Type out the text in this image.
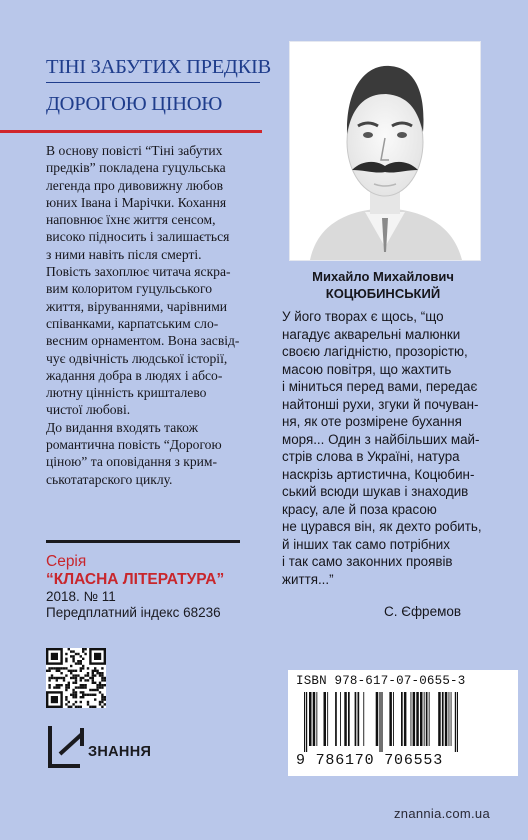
ТІНІ ЗАБУТИХ ПРЕДКІВ
ДОРОГОЮ ЦІНОЮ

В основу повісті “Тіні забутих

предків” покладена гуцульська

легенда про дивовижну любов

юних Івана і Марічки. Кохання

наповнює їхнє життя сенсом,

високо підносить і залишається

з ними навіть після смерті.

Повість захоплює читача яскра-

вим колоритом гуцульського

життя, віруваннями, чарівними

співанками, карпатським сло-

весним орнаментом. Вона засвід-

чує одвічність людської історії,

жадання добра в людях і абсо-

лютну цінність кришталево

чистої любові.

До видання входять також

романтична повість “Дорогою

ціною” та оповідання з крим-

ськотатарского циклу.

Серія
“КЛАСНА ЛІТЕРАТУРА”
2018. № 11
Передплатний індекс 68236
ЗНАННЯ
Михайло Михайлович
КОЦЮБИНСЬКИЙ
У його творах є щось, “що
нагадує акварельні малюнки
своєю лагідністю, прозорістю,
масою повітря, що жахтить
і міниться перед вами, передає
найтонші рухи, згуки й почуван-
ня, як оте розмірене бухання
моря... Один з найбільших май-
стрів слова в Україні, натура
наскрізь артистична, Коцюбин-
ський всюди шукав і знаходив
красу, але й поза красою
не цурався він, як дехто робить,
й інших так само потрібних
і так само законних проявів
життя...”
С. Єфремов
ISBN 978-617-07-0655-3
9 786170 706553
znannia.com.ua
